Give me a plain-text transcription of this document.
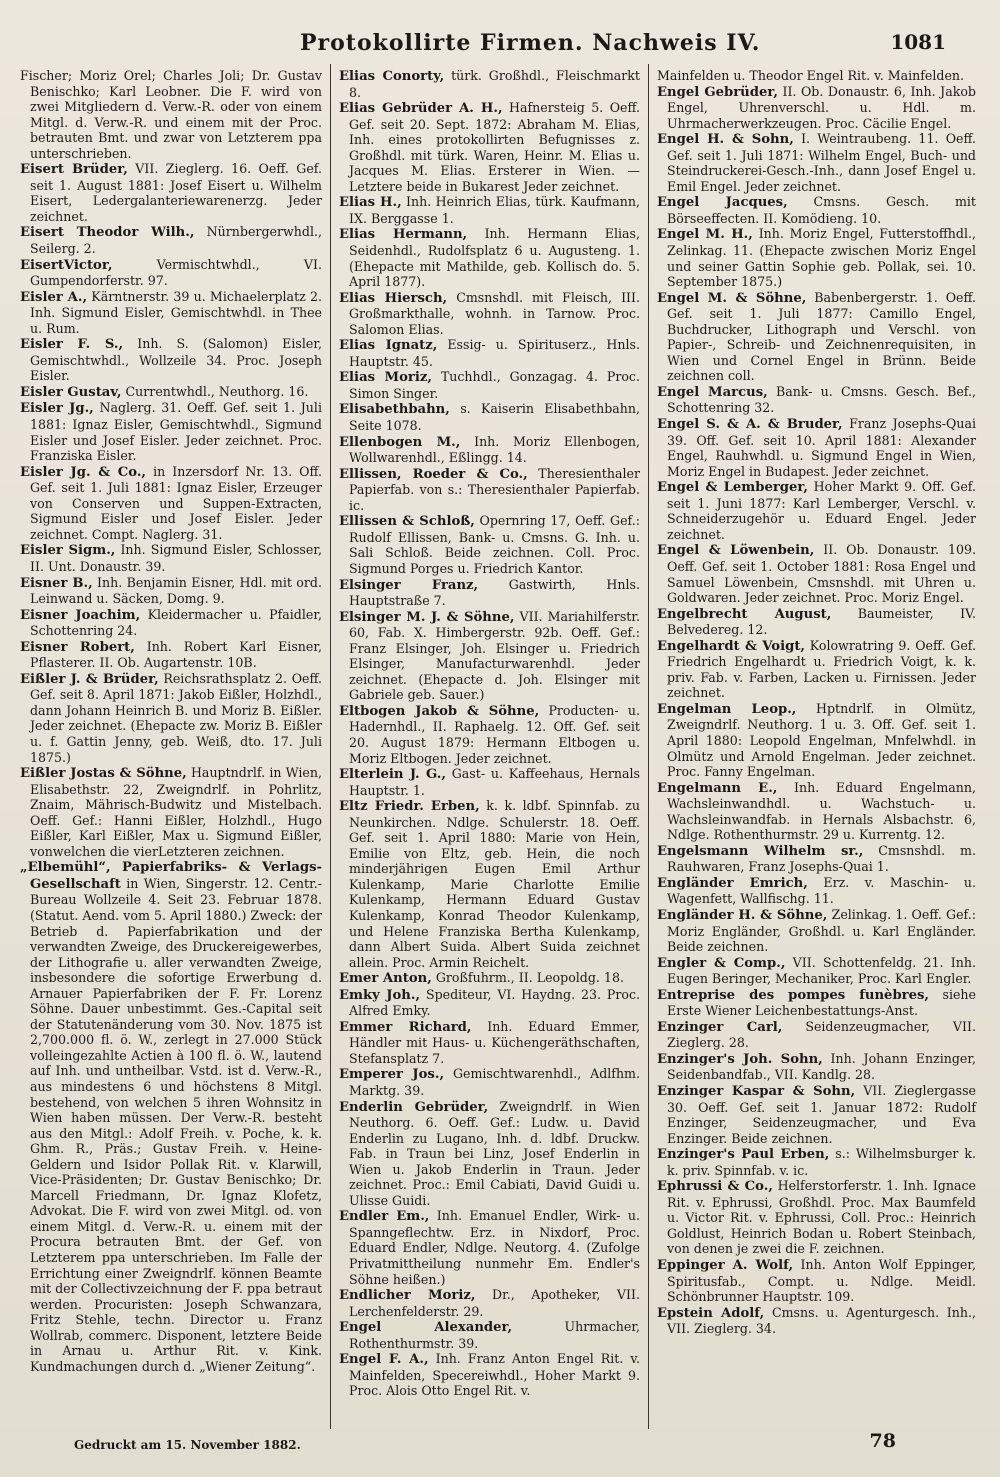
Protokollirte Firmen. Nachweis IV.	1081

Fischer; Moriz Orel; Charles Joli; Dr. Gustav Benischko; Karl Leobner. Die F. wird von zwei Mitgliedern d. Verw.-R. oder von einem Mitgl. d. Verw.-R. und einem mit der Proc. betrauten Bmt. und zwar von Letzterem ppa unterschrieben.

Eisert Brüder, VII. Zieglerg. 16. Oeff. Gef. seit 1. August 1881: Josef Eisert u. Wilhelm Eisert, Ledergalanteriewarenerzg. Jeder zeichnet.

Eisert Theodor Wilh., Nürnbergerwhdl., Seilerg. 2.

EisertVictor,	Vermischtwhdl., VI. Gumpendorferstr. 97.

Eisler A., Kärntnerstr. 39 u. Michaelerplatz 2. Inh. Sigmund Eisler, Gemischtwhdl. in Thee u. Rum.

Eisler F. S., Inh. S. (Salomon) Eisler, Gemischtwhdl., Wollzeile 34. Proc. Joseph Eisler.

Eisler Gustav, Currentwhdl., Neuthorg. 16.

Eisler Jg., Naglerg. 31. Oeff. Gef. seit 1. Juli 1881: Ignaz Eisler, Gemischtwhdl., Sigmund Eisler und Josef Eisler. Jeder zeichnet. Proc. Franziska Eisler.

Eisler Jg. & Co., in Inzersdorf Nr. 13. Off. Gef. seit 1. Juli 1881: Ignaz Eisler, Erzeuger von Conserven und Suppen-Extracten, Sigmund Eisler und Josef Eisler. Jeder zeichnet. Compt. Naglerg. 31.

Eisler Sigm., Inh. Sigmund Eisler, Schlosser, II. Unt. Donaustr. 39.

Eisner B., Inh. Benjamin Eisner, Hdl. mit ord. Leinwand u. Säcken, Domg. 9.

Eisner Joachim, Kleidermacher u. Pfaidler, Schottenring 24.

Eisner Robert, Inh. Robert Karl Eisner, Pflasterer. II. Ob. Augartenstr. 10B.

Eißler J. & Brüder, Reichsrathsplatz 2. Oeff. Gef. seit 8. April 1871: Jakob Eißler, Holzhdl., dann Johann Heinrich B. und Moriz B. Eißler. Jeder zeichnet. (Ehepacte zw. Moriz B. Eißler u. f. Gattin Jenny, geb. Weiß, dto. 17. Juli 1875.)

Eißler Jostas & Söhne, Hauptndrlf. in Wien, Elisabethstr. 22, Zweigndrlf. in Pohrlitz, Znaim, Mährisch-Budwitz und Mistelbach. Oeff. Gef.: Hanni Eißler, Holzhdl., Hugo Eißler, Karl Eißler, Max u. Sigmund Eißler, vonwelchen die vierLetzteren zeichnen.

„Elbemühl“, Papierfabriks- & Verlags-Gesellschaft in Wien, Singerstr. 12. Centr.-Bureau Wollzeile 4. Seit 23. Februar 1878. (Statut. Aend. vom 5. April 1880.) Zweck: der Betrieb d. Papierfabrikation und der verwandten Zweige, des Druckereigewerbes, der Lithografie u. aller verwandten Zweige, insbesondere die sofortige Erwerbung d. Arnauer Papierfabriken der F. Fr. Lorenz Söhne. Dauer unbestimmt. Ges.-Capital seit der Statutenänderung vom 30. Nov. 1875 ist 2,700.000 fl. ö. W., zerlegt in 27.000 Stück volleingezahlte Actien à 100 fl. ö. W., lautend auf Inh. und untheilbar. Vstd. ist d. Verw.-R., aus mindestens 6 und höchstens 8 Mitgl. bestehend, von welchen 5 ihren Wohnsitz in Wien haben müssen. Der Verw.-R. besteht aus den Mitgl.: Adolf Freih. v. Poche, k. k. Ghm. R., Präs.; Gustav Freih. v. Heine-Geldern und Isidor Pollak Rit. v. Klarwill, Vice-Präsidenten; Dr. Gustav Benischko; Dr. Marcell Friedmann, Dr. Ignaz Klofetz, Advokat. Die F. wird von zwei Mitgl. od. von einem Mitgl. d. Verw.-R. u. einem mit der Procura betrauten Bmt. der Gef. von Letzterem ppa unterschrieben. Im Falle der Errichtung einer Zweigndrlf. können Beamte mit der Collectivzeichnung der F. ppa betraut werden. Procuristen: Joseph Schwanzara, Fritz Stehle, techn. Director u. Franz Wollrab, commerc. Disponent, letztere Beide in Arnau u. Arthur Rit. v. Kink. Kundmachungen durch d. „Wiener Zeitung“.

Elias Conorty, türk. Großhdl., Fleischmarkt 8.

Elias Gebrüder A. H., Hafnersteig 5. Oeff. Gef. seit 20. Sept. 1872: Abraham M. Elias, Inh. eines protokollirten Befugnisses z. Großhdl. mit türk. Waren, Heinr. M. Elias u. Jacques M. Elias. Ersterer in Wien. — Letztere beide in Bukarest Jeder zeichnet.

Elias H., Inh. Heinrich Elias, türk. Kaufmann, IX. Berggasse 1.

Elias Hermann, Inh. Hermann Elias, Seidenhdl., Rudolfsplatz 6 u. Augusteng. 1. (Ehepacte mit Mathilde, geb. Kollisch do. 5. April 1877).

Elias Hiersch, Cmsnshdl. mit Fleisch, III. Großmarkthalle, wohnh. in Tarnow. Proc. Salomon Elias.

Elias Ignatz, Essig- u. Spirituserz., Hnls. Hauptstr. 45.

Elias Moriz, Tuchhdl., Gonzagag. 4. Proc. Simon Singer.

Elisabethbahn, s. Kaiserin Elisabethbahn, Seite 1078.

Ellenbogen M., Inh. Moriz Ellenbogen, Wollwarenhdl., Eßlingg. 14.

Ellissen, Roeder & Co., Theresienthaler Papierfab. von s.: Theresienthaler Papierfab. ic.

Ellissen & Schloß, Opernring 17, Oeff. Gef.: Rudolf Ellissen, Bank- u. Cmsns. G. Inh. u. Sali Schloß. Beide zeichnen. Coll. Proc. Sigmund Porges u. Friedrich Kantor.

Elsinger Franz, Gastwirth, Hnls. Hauptstraße 7.

Elsinger M. J. & Söhne, VII. Mariahilferstr. 60, Fab. X. Himbergerstr. 92b. Oeff. Gef.: Franz Elsinger, Joh. Elsinger u. Friedrich Elsinger, Manufacturwarenhdl. Jeder zeichnet. (Ehepacte d. Joh. Elsinger mit Gabriele geb. Sauer.)

Eltbogen Jakob & Söhne, Producten- u. Hadernhdl., II. Raphaelg. 12. Off. Gef. seit 20. August 1879: Hermann Eltbogen u. Moriz Eltbogen. Jeder zeichnet.

Elterlein J. G., Gast- u. Kaffeehaus, Hernals Hauptstr. 1.

Eltz Friedr. Erben, k. k. ldbf. Spinnfab. zu Neunkirchen. Ndlge. Schulerstr. 18. Oeff. Gef. seit 1. April 1880: Marie von Hein, Emilie von Eltz, geb. Hein, die noch minderjährigen Eugen Emil Arthur Kulenkamp, Marie Charlotte Emilie Kulenkamp, Hermann Eduard Gustav Kulenkamp, Konrad Theodor Kulenkamp, und Helene Franziska Bertha Kulenkamp, dann Albert Suida. Albert Suida zeichnet allein. Proc. Armin Reichelt.

Emer Anton, Großfuhrm., II. Leopoldg. 18.

Emky Joh., Spediteur, VI. Haydng. 23. Proc. Alfred Emky.

Emmer Richard, Inh. Eduard Emmer, Händler mit Haus- u. Küchengeräthschaften, Stefansplatz 7.

Emperer Jos., Gemischtwarenhdl., Adlfhm. Marktg. 39.

Enderlin Gebrüder, Zweigndrlf. in Wien Neuthorg. 6. Oeff. Gef.: Ludw. u. David Enderlin zu Lugano, Inh. d. ldbf. Druckw. Fab. in Traun bei Linz, Josef Enderlin in Wien u. Jakob Enderlin in Traun. Jeder zeichnet. Proc.: Emil Cabiati, David Guidi u. Ulisse Guidi.

Endler Em., Inh. Emanuel Endler, Wirk- u. Spanngeflechtw. Erz. in Nixdorf, Proc. Eduard Endler, Ndlge. Neutorg. 4. (Zufolge Privatmittheilung nunmehr Em. Endler's Söhne heißen.)

Endlicher Moriz, Dr., Apotheker, VII. Lerchenfelderstr. 29.

Engel Alexander,	Uhrmacher, Rothenthurmstr. 39.

Engel F. A., Inh. Franz Anton Engel Rit. v. Mainfelden, Specereiwhdl., Hoher Markt 9. Proc. Alois Otto Engel Rit. v.

Mainfelden u. Theodor Engel Rit. v. Mainfelden.

Engel Gebrüder, II. Ob. Donaustr. 6, Inh. Jakob Engel, Uhrenverschl. u. Hdl. m. Uhrmacherwerkzeugen. Proc. Cäcilie Engel.

Engel H. & Sohn, I. Weintraubeng. 11. Oeff. Gef. seit 1. Juli 1871: Wilhelm Engel, Buch- und Steindruckerei-Gesch.-Inh., dann Josef Engel u. Emil Engel. Jeder zeichnet.

Engel Jacques, Cmsns. Gesch. mit Börseeffecten. II. Komödieng. 10.

Engel M. H., Inh. Moriz Engel, Futterstoffhdl., Zelinkag. 11. (Ehepacte zwischen Moriz Engel und seiner Gattin Sophie geb. Pollak, sei. 10. September 1875.)

Engel M. & Söhne, Babenbergerstr. 1. Oeff. Gef. seit 1. Juli 1877: Camillo Engel, Buchdrucker, Lithograph und Verschl. von Papier-, Schreib- und Zeichnenrequisiten, in Wien und Cornel Engel in Brünn. Beide zeichnen coll.

Engel Marcus, Bank- u. Cmsns. Gesch. Bef., Schottenring 32.

Engel S. & A. & Bruder, Franz Josephs-Quai 39. Off. Gef. seit 10. April 1881: Alexander Engel, Rauhwhdl. u. Sigmund Engel in Wien, Moriz Engel in Budapest. Jeder zeichnet.

Engel & Lemberger, Hoher Markt 9. Off. Gef. seit 1. Juni 1877: Karl Lemberger, Verschl. v. Schneiderzugehör u. Eduard Engel. Jeder zeichnet.

Engel & Löwenbein, II. Ob. Donaustr. 109. Oeff. Gef. seit 1. October 1881: Rosa Engel und Samuel Löwenbein, Cmsnshdl. mit Uhren u. Goldwaren. Jeder zeichnet. Proc. Moriz Engel.

Engelbrecht August, Baumeister, IV. Belvedereg. 12.

Engelhardt & Voigt, Kolowratring 9. Oeff. Gef. Friedrich Engelhardt u. Friedrich Voigt, k. k. priv. Fab. v. Farben, Lacken u. Firnissen. Jeder zeichnet.

Engelman Leop., Hptndrlf. in Olmütz, Zweigndrlf. Neuthorg. 1 u. 3. Off. Gef. seit 1. April 1880: Leopold Engelman, Mnfelwhdl. in Olmütz und Arnold Engelman. Jeder zeichnet. Proc. Fanny Engelman.

Engelmann E., Inh. Eduard Engelmann, Wachsleinwandhdl. u. Wachstuch- u. Wachsleinwandfab. in Hernals Alsbachstr. 6, Ndlge. Rothenthurmstr. 29 u. Kurrentg. 12.

Engelsmann Wilhelm sr., Cmsnshdl. m. Rauhwaren, Franz Josephs-Quai 1.

Engländer Emrich, Erz. v. Maschin- u. Wagenfett, Wallfischg. 11.

Engländer H. & Söhne, Zelinkag. 1. Oeff. Gef.: Moriz Engländer, Großhdl. u. Karl Engländer. Beide zeichnen.

Engler & Comp., VII. Schottenfeldg. 21. Inh. Eugen Beringer, Mechaniker, Proc. Karl Engler.

Entreprise des pompes funèbres, siehe Erste Wiener Leichenbestattungs-Anst.

Enzinger Carl, Seidenzeugmacher, VII. Zieglerg. 28.

Enzinger's Joh. Sohn, Inh. Johann Enzinger, Seidenbandfab., VII. Kandlg. 28.

Enzinger Kaspar & Sohn, VII. Zieglergasse 30. Oeff. Gef. seit 1. Januar 1872: Rudolf Enzinger, Seidenzeugmacher, und Eva Enzinger. Beide zeichnen.

Enzinger's Paul Erben, s.: Wilhelmsburger k. k. priv. Spinnfab. v. ic.

Ephrussi & Co., Helferstorferstr. 1. Inh. Ignace Rit. v. Ephrussi, Großhdl. Proc. Max Baumfeld u. Victor Rit. v. Ephrussi, Coll. Proc.: Heinrich Goldlust, Heinrich Bodan u. Robert Steinbach, von denen je zwei die F. zeichnen.

Eppinger A. Wolf, Inh. Anton Wolf Eppinger, Spiritusfab., Compt. u. Ndlge. Meidl. Schönbrunner Hauptstr. 109.

Epstein Adolf, Cmsns. u. Agenturgesch. Inh., VII. Zieglerg. 34.

Gedruckt am 15. November 1882.	78
